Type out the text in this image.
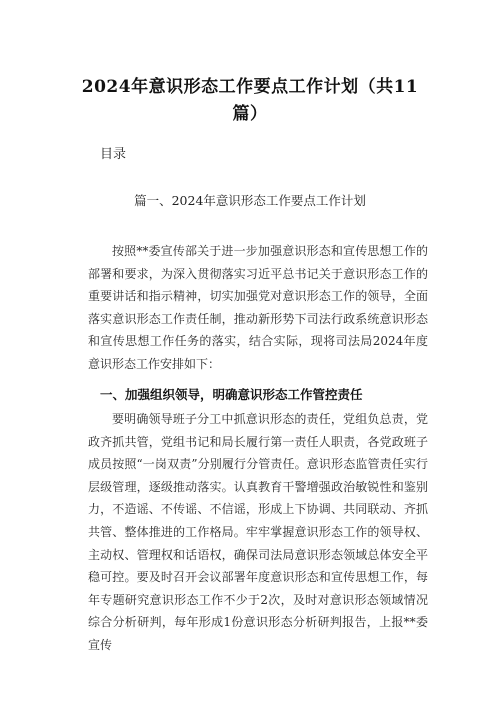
2024年意识形态工作要点工作计划（共11篇）
目录
篇一、2024年意识形态工作要点工作计划

按照**委宣传部关于进一步加强意识形态和宣传思想工作的部署和要求，为深入贯彻落实习近平总书记关于意识形态工作的重要讲话和指示精神，切实加强党对意识形态工作的领导，全面落实意识形态工作责任制，推动新形势下司法行政系统意识形态和宣传思想工作任务的落实，结合实际，现将司法局2024年度意识形态工作安排如下：

一、加强组织领导，明确意识形态工作管控责任

要明确领导班子分工中抓意识形态的责任，党组负总责，党政齐抓共管，党组书记和局长履行第一责任人职责，各党政班子成员按照“一岗双责”分别履行分管责任。意识形态监管责任实行层级管理，逐级推动落实。认真教育干警增强政治敏锐性和鉴别力，不造谣、不传谣、不信谣，形成上下协调、共同联动、齐抓共管、整体推进的工作格局。牢牢掌握意识形态工作的领导权、主动权、管理权和话语权，确保司法局意识形态领域总体安全平稳可控。要及时召开会议部署年度意识形态和宣传思想工作，每年专题研究意识形态工作不少于2次，及时对意识形态领域情况综合分析研判，每年形成1份意识形态分析研判报告，上报**委宣传
